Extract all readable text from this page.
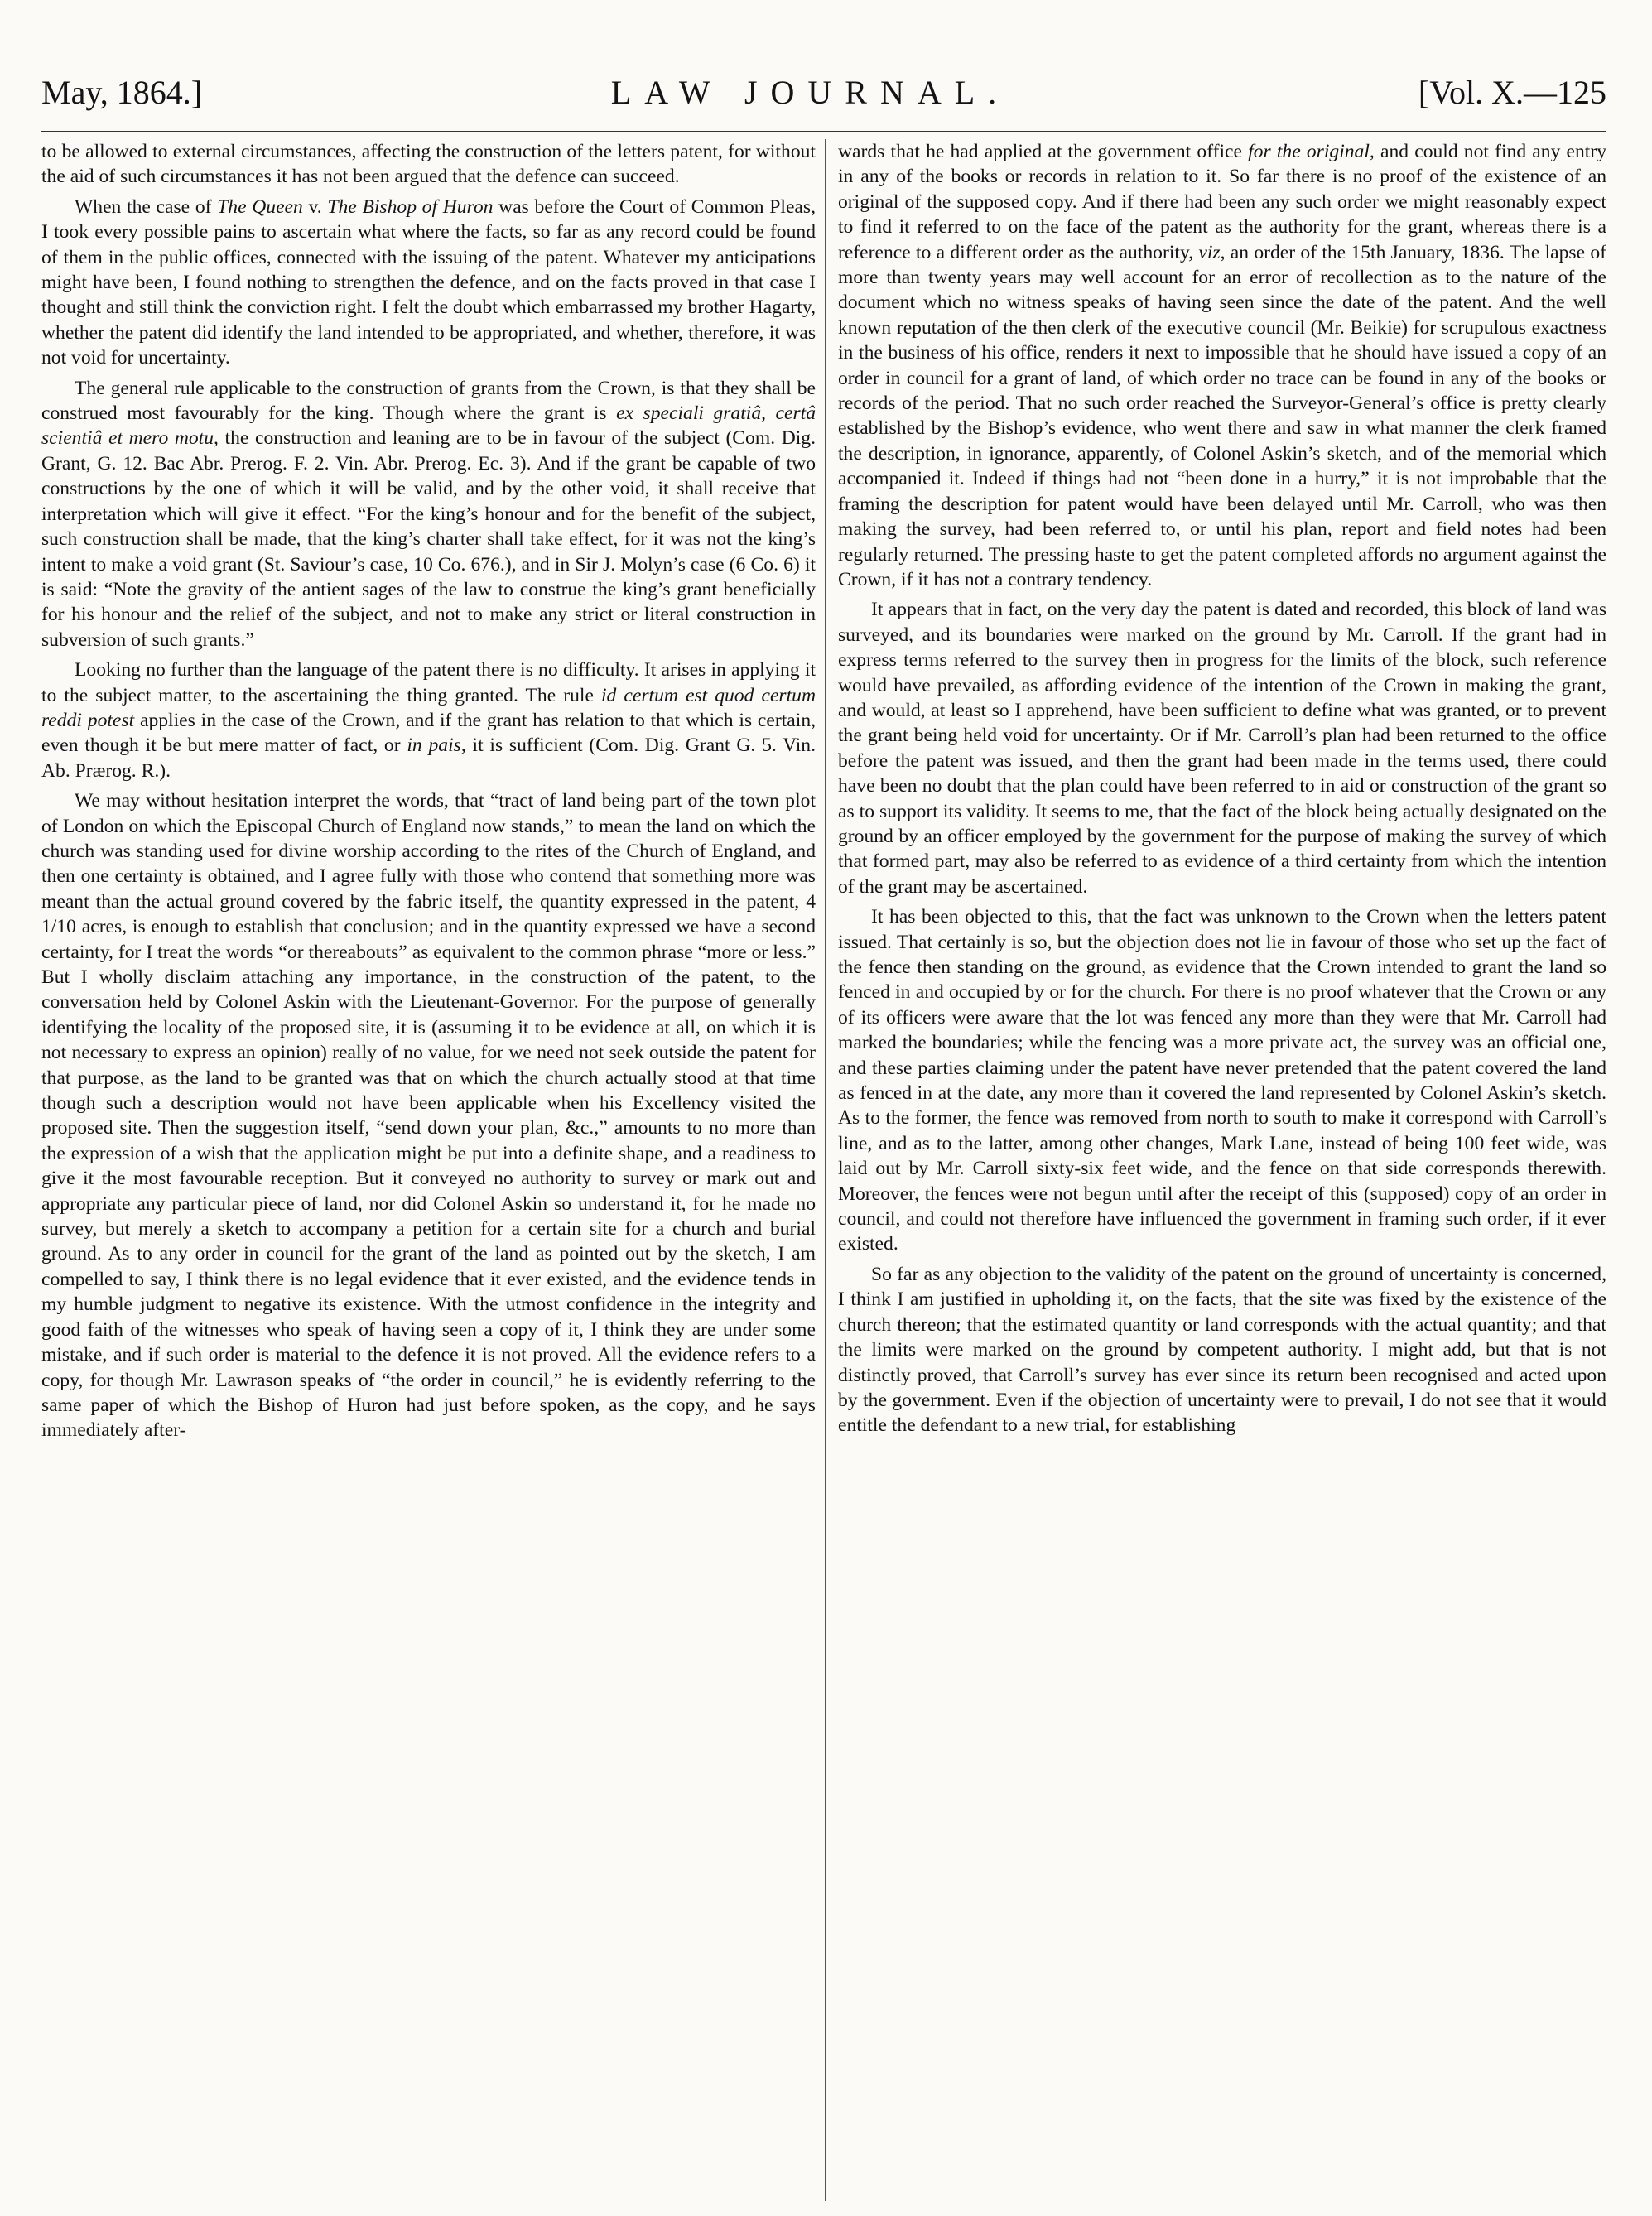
May, 1864.]	LAW JOURNAL.	[Vol. X.—125

to be allowed to external circumstances, affecting the construction of the letters patent, for without the aid of such circumstances it has not been argued that the defence can succeed.

When the case of The Queen v. The Bishop of Huron was before the Court of Common Pleas, I took every possible pains to ascertain what where the facts, so far as any record could be found of them in the public offices, connected with the issuing of the patent. Whatever my anticipations might have been, I found nothing to strengthen the defence, and on the facts proved in that case I thought and still think the conviction right. I felt the doubt which embarrassed my brother Hagarty, whether the patent did identify the land intended to be appropriated, and whether, therefore, it was not void for uncertainty.

The general rule applicable to the construction of grants from the Crown, is that they shall be construed most favourably for the king. Though where the grant is ex speciali gratiâ, certâ scientiâ et mero motu, the construction and leaning are to be in favour of the subject (Com. Dig. Grant, G. 12. Bac Abr. Prerog. F. 2. Vin. Abr. Prerog. Ec. 3). And if the grant be capable of two constructions by the one of which it will be valid, and by the other void, it shall receive that interpretation which will give it effect. “For the king’s honour and for the benefit of the subject, such construction shall be made, that the king’s charter shall take effect, for it was not the king’s intent to make a void grant (St. Saviour’s case, 10 Co. 676.), and in Sir J. Molyn’s case (6 Co. 6) it is said: “Note the gravity of the antient sages of the law to construe the king’s grant beneficially for his honour and the relief of the subject, and not to make any strict or literal construction in subversion of such grants.”

Looking no further than the language of the patent there is no difficulty. It arises in applying it to the subject matter, to the ascertaining the thing granted. The rule id certum est quod certum reddi potest applies in the case of the Crown, and if the grant has relation to that which is certain, even though it be but mere matter of fact, or in pais, it is sufficient (Com. Dig. Grant G. 5. Vin. Ab. Prærog. R.).

We may without hesitation interpret the words, that “tract of land being part of the town plot of London on which the Episcopal Church of England now stands,” to mean the land on which the church was standing used for divine worship according to the rites of the Church of England, and then one certainty is obtained, and I agree fully with those who contend that something more was meant than the actual ground covered by the fabric itself, the quantity expressed in the patent, 4 1/10 acres, is enough to establish that conclusion; and in the quantity expressed we have a second certainty, for I treat the words “or thereabouts” as equivalent to the common phrase “more or less.” But I wholly disclaim attaching any importance, in the construction of the patent, to the conversation held by Colonel Askin with the Lieutenant-Governor. For the purpose of generally identifying the locality of the proposed site, it is (assuming it to be evidence at all, on which it is not necessary to express an opinion) really of no value, for we need not seek outside the patent for that purpose, as the land to be granted was that on which the church actually stood at that time though such a description would not have been applicable when his Excellency visited the proposed site. Then the suggestion itself, “send down your plan, &c.,” amounts to no more than the expression of a wish that the application might be put into a definite shape, and a readiness to give it the most favourable reception. But it conveyed no authority to survey or mark out and appropriate any particular piece of land, nor did Colonel Askin so understand it, for he made no survey, but merely a sketch to accompany a petition for a certain site for a church and burial ground. As to any order in council for the grant of the land as pointed out by the sketch, I am compelled to say, I think there is no legal evidence that it ever existed, and the evidence tends in my humble judgment to negative its existence. With the utmost confidence in the integrity and good faith of the witnesses who speak of having seen a copy of it, I think they are under some mistake, and if such order is material to the defence it is not proved. All the evidence refers to a copy, for though Mr. Lawrason speaks of “the order in council,” he is evidently referring to the same paper of which the Bishop of Huron had just before spoken, as the copy, and he says immediately after-

wards that he had applied at the government office for the original, and could not find any entry in any of the books or records in relation to it. So far there is no proof of the existence of an original of the supposed copy. And if there had been any such order we might reasonably expect to find it referred to on the face of the patent as the authority for the grant, whereas there is a reference to a different order as the authority, viz, an order of the 15th January, 1836. The lapse of more than twenty years may well account for an error of recollection as to the nature of the document which no witness speaks of having seen since the date of the patent. And the well known reputation of the then clerk of the executive council (Mr. Beikie) for scrupulous exactness in the business of his office, renders it next to impossible that he should have issued a copy of an order in council for a grant of land, of which order no trace can be found in any of the books or records of the period. That no such order reached the Surveyor-General’s office is pretty clearly established by the Bishop’s evidence, who went there and saw in what manner the clerk framed the description, in ignorance, apparently, of Colonel Askin’s sketch, and of the memorial which accompanied it. Indeed if things had not “been done in a hurry,” it is not improbable that the framing the description for patent would have been delayed until Mr. Carroll, who was then making the survey, had been referred to, or until his plan, report and field notes had been regularly returned. The pressing haste to get the patent completed affords no argument against the Crown, if it has not a contrary tendency.

It appears that in fact, on the very day the patent is dated and recorded, this block of land was surveyed, and its boundaries were marked on the ground by Mr. Carroll. If the grant had in express terms referred to the survey then in progress for the limits of the block, such reference would have prevailed, as affording evidence of the intention of the Crown in making the grant, and would, at least so I apprehend, have been sufficient to define what was granted, or to prevent the grant being held void for uncertainty. Or if Mr. Carroll’s plan had been returned to the office before the patent was issued, and then the grant had been made in the terms used, there could have been no doubt that the plan could have been referred to in aid or construction of the grant so as to support its validity. It seems to me, that the fact of the block being actually designated on the ground by an officer employed by the government for the purpose of making the survey of which that formed part, may also be referred to as evidence of a third certainty from which the intention of the grant may be ascertained.

It has been objected to this, that the fact was unknown to the Crown when the letters patent issued. That certainly is so, but the objection does not lie in favour of those who set up the fact of the fence then standing on the ground, as evidence that the Crown intended to grant the land so fenced in and occupied by or for the church. For there is no proof whatever that the Crown or any of its officers were aware that the lot was fenced any more than they were that Mr. Carroll had marked the boundaries; while the fencing was a more private act, the survey was an official one, and these parties claiming under the patent have never pretended that the patent covered the land as fenced in at the date, any more than it covered the land represented by Colonel Askin’s sketch. As to the former, the fence was removed from north to south to make it correspond with Carroll’s line, and as to the latter, among other changes, Mark Lane, instead of being 100 feet wide, was laid out by Mr. Carroll sixty-six feet wide, and the fence on that side corresponds therewith. Moreover, the fences were not begun until after the receipt of this (supposed) copy of an order in council, and could not therefore have influenced the government in framing such order, if it ever existed.

So far as any objection to the validity of the patent on the ground of uncertainty is concerned, I think I am justified in upholding it, on the facts, that the site was fixed by the existence of the church thereon; that the estimated quantity or land corresponds with the actual quantity; and that the limits were marked on the ground by competent authority. I might add, but that is not distinctly proved, that Carroll’s survey has ever since its return been recognised and acted upon by the government. Even if the objection of uncertainty were to prevail, I do not see that it would entitle the defendant to a new trial, for establishing
